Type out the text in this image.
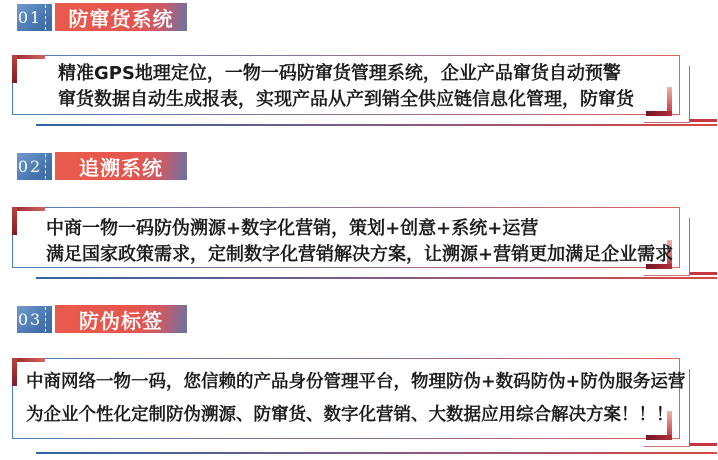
01 防窜货系统

精准GPS地理定位，一物一码防窜货管理系统，企业产品窜货自动预警

窜货数据自动生成报表，实现产品从产到销全供应链信息化管理，防窜货

02 追溯系统

中商一物一码防伪溯源+数字化营销，策划+创意+系统+运营

满足国家政策需求，定制数字化营销解决方案，让溯源+营销更加满足企业需求

03 防伪标签

中商网络一物一码，您信赖的产品身份管理平台，物理防伪+数码防伪+防伪服务运营

为企业个性化定制防伪溯源、防窜货、数字化营销、大数据应用综合解决方案！！！
